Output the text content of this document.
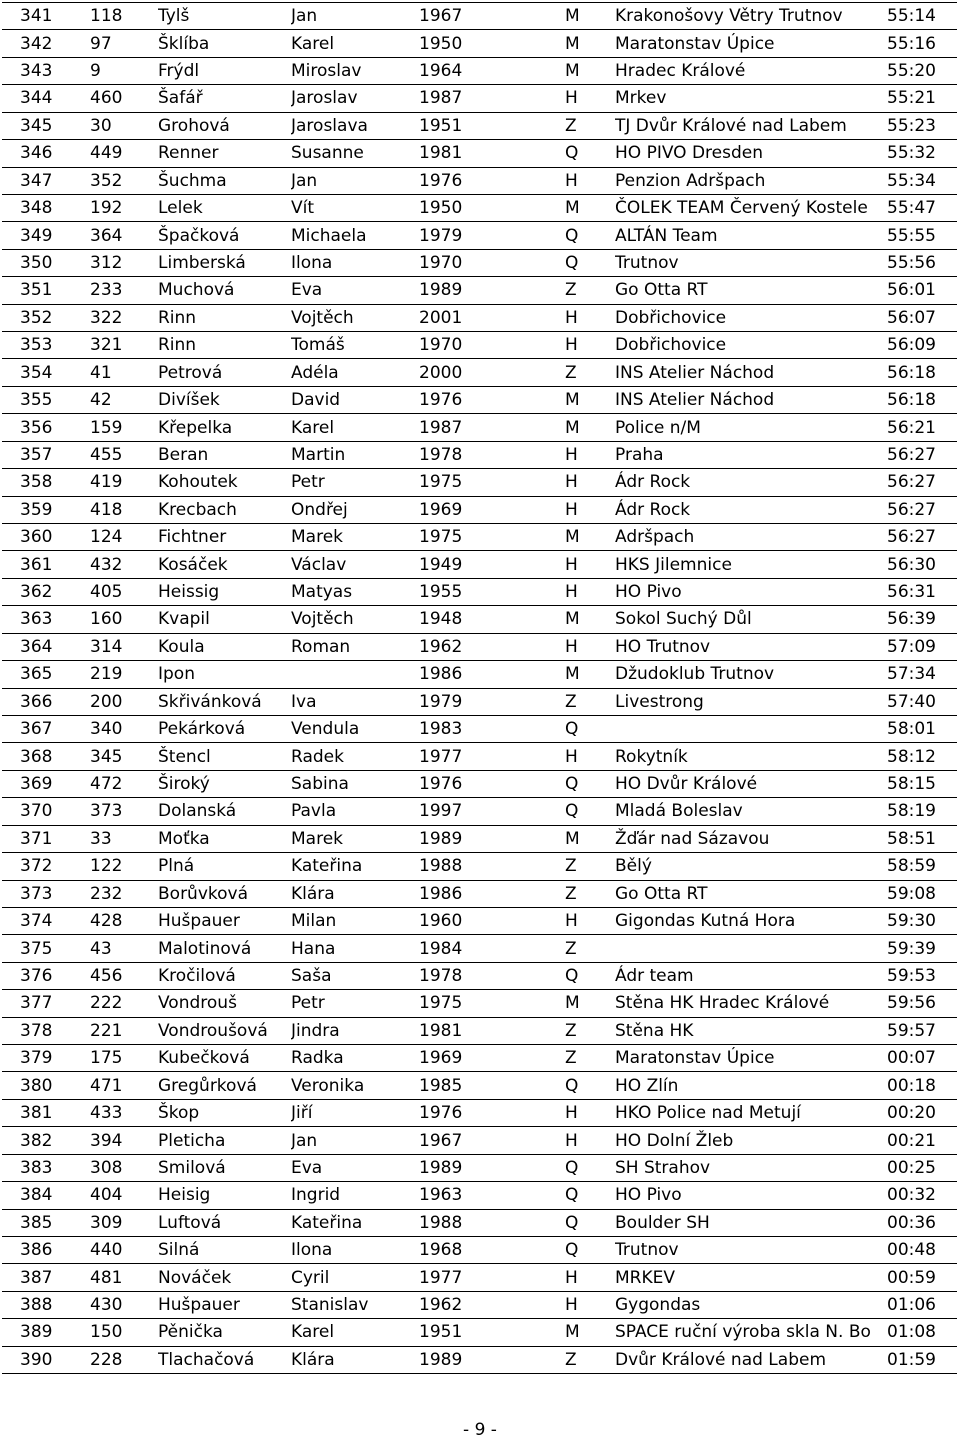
341	118	Tylš	Jan	1967	M	Krakonošovy Větry Trutnov	55:14
342	97	Šklíba	Karel	1950	M	Maratonstav Úpice	55:16
343	9	Frýdl	Miroslav	1964	M	Hradec Králové	55:20
344	460	Šafář	Jaroslav	1987	H	Mrkev	55:21
345	30	Grohová	Jaroslava	1951	Z	TJ Dvůr Králové nad Labem	55:23
346	449	Renner	Susanne	1981	Q	HO PIVO Dresden	55:32
347	352	Šuchma	Jan	1976	H	Penzion Adršpach	55:34
348	192	Lelek	Vít	1950	M	ČOLEK TEAM Červený Kostele	55:47
349	364	Špačková	Michaela	1979	Q	ALTÁN Team	55:55
350	312	Limberská	Ilona	1970	Q	Trutnov	55:56
351	233	Muchová	Eva	1989	Z	Go Otta RT	56:01
352	322	Rinn	Vojtěch	2001	H	Dobřichovice	56:07
353	321	Rinn	Tomáš	1970	H	Dobřichovice	56:09
354	41	Petrová	Adéla	2000	Z	INS Atelier Náchod	56:18
355	42	Divíšek	David	1976	M	INS Atelier Náchod	56:18
356	159	Křepelka	Karel	1987	M	Police n/M	56:21
357	455	Beran	Martin	1978	H	Praha	56:27
358	419	Kohoutek	Petr	1975	H	Ádr Rock	56:27
359	418	Krecbach	Ondřej	1969	H	Ádr Rock	56:27
360	124	Fichtner	Marek	1975	M	Adršpach	56:27
361	432	Kosáček	Václav	1949	H	HKS Jilemnice	56:30
362	405	Heissig	Matyas	1955	H	HO Pivo	56:31
363	160	Kvapil	Vojtěch	1948	M	Sokol Suchý Důl	56:39
364	314	Koula	Roman	1962	H	HO Trutnov	57:09
365	219	Ipon		1986	M	Džudoklub Trutnov	57:34
366	200	Skřivánková	Iva	1979	Z	Livestrong	57:40
367	340	Pekárková	Vendula	1983	Q		58:01
368	345	Štencl	Radek	1977	H	Rokytník	58:12
369	472	Široký	Sabina	1976	Q	HO Dvůr Králové	58:15
370	373	Dolanská	Pavla	1997	Q	Mladá Boleslav	58:19
371	33	Moťka	Marek	1989	M	Žďár nad Sázavou	58:51
372	122	Plná	Kateřina	1988	Z	Bělý	58:59
373	232	Borůvková	Klára	1986	Z	Go Otta RT	59:08
374	428	Hušpauer	Milan	1960	H	Gigondas Kutná Hora	59:30
375	43	Malotinová	Hana	1984	Z		59:39
376	456	Kročilová	Saša	1978	Q	Ádr team	59:53
377	222	Vondrouš	Petr	1975	M	Stěna HK Hradec Králové	59:56
378	221	Vondroušová	Jindra	1981	Z	Stěna HK	59:57
379	175	Kubečková	Radka	1969	Z	Maratonstav Úpice	00:07
380	471	Gregůrková	Veronika	1985	Q	HO Zlín	00:18
381	433	Škop	Jiří	1976	H	HKO Police nad Metují	00:20
382	394	Pleticha	Jan	1967	H	HO Dolní Žleb	00:21
383	308	Smilová	Eva	1989	Q	SH Strahov	00:25
384	404	Heisig	Ingrid	1963	Q	HO Pivo	00:32
385	309	Luftová	Kateřina	1988	Q	Boulder SH	00:36
386	440	Silná	Ilona	1968	Q	Trutnov	00:48
387	481	Nováček	Cyril	1977	H	MRKEV	00:59
388	430	Hušpauer	Stanislav	1962	H	Gygondas	01:06
389	150	Pěnička	Karel	1951	M	SPACE ruční výroba skla N. Bo	01:08
390	228	Tlachačová	Klára	1989	Z	Dvůr Králové nad Labem	01:59
- 9 -
